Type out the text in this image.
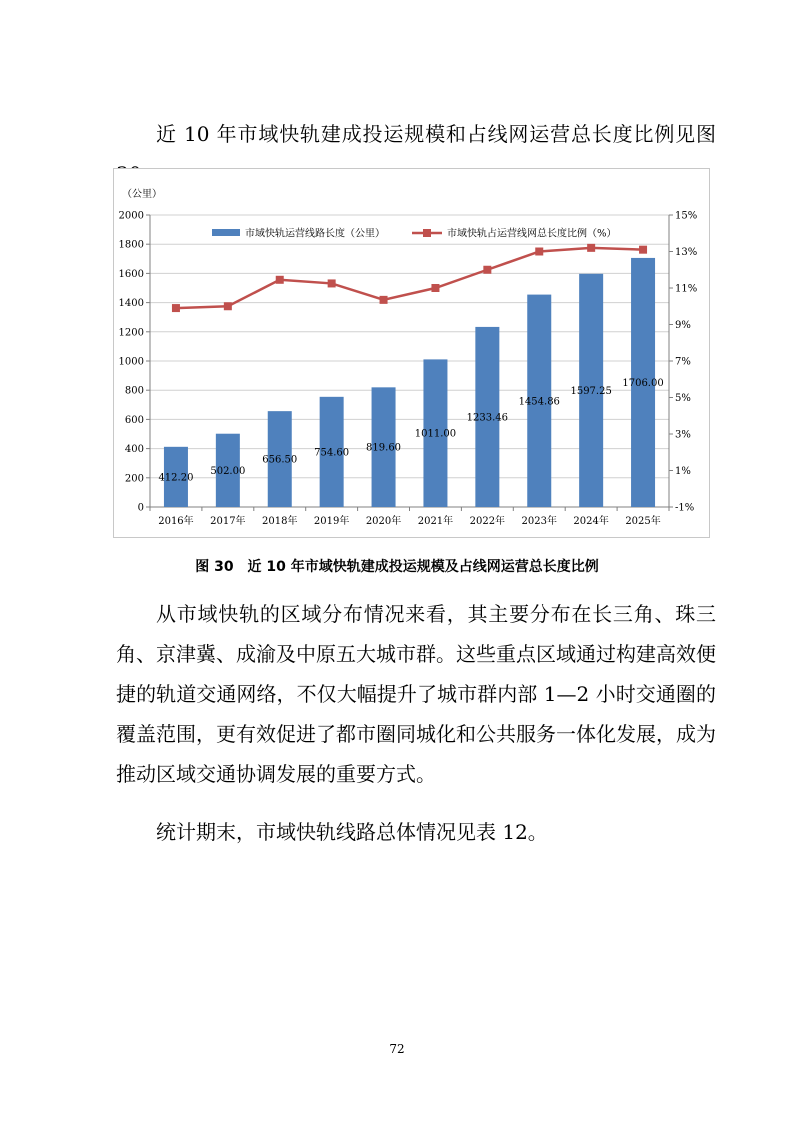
近 10 年市域快轨建成投运规模和占线网运营总长度比例见图

0
200
400
600
800
1000
1200
1400
1600
1800
2000
-1%
1%
3%
5%
7%
9%
11%
13%
15%
（公里）
2016年 2017年 2018年 2019年 2020年 2021年 2022年 2023年 2024年 2025年
412.20
502.00
656.50
754.60 819.60
1011.00
1233.46
1454.86
1597.25
1706.00
市域快轨运营线路长度（公里）	市域快轨占运营线网总长度比例（%）
图 30　近 10 年市域快轨建成投运规模及占线网运营总长度比例

从市域快轨的区域分布情况来看，其主要分布在长三角、珠三角、京津冀、成渝及中原五大城市群。这些重点区域通过构建高效便捷的轨道交通网络，不仅大幅提升了城市群内部 1—2 小时交通圈的覆盖范围，更有效促进了都市圈同城化和公共服务一体化发展，成为推动区域交通协调发展的重要方式。

统计期末，市域快轨线路总体情况见表 12。

72
